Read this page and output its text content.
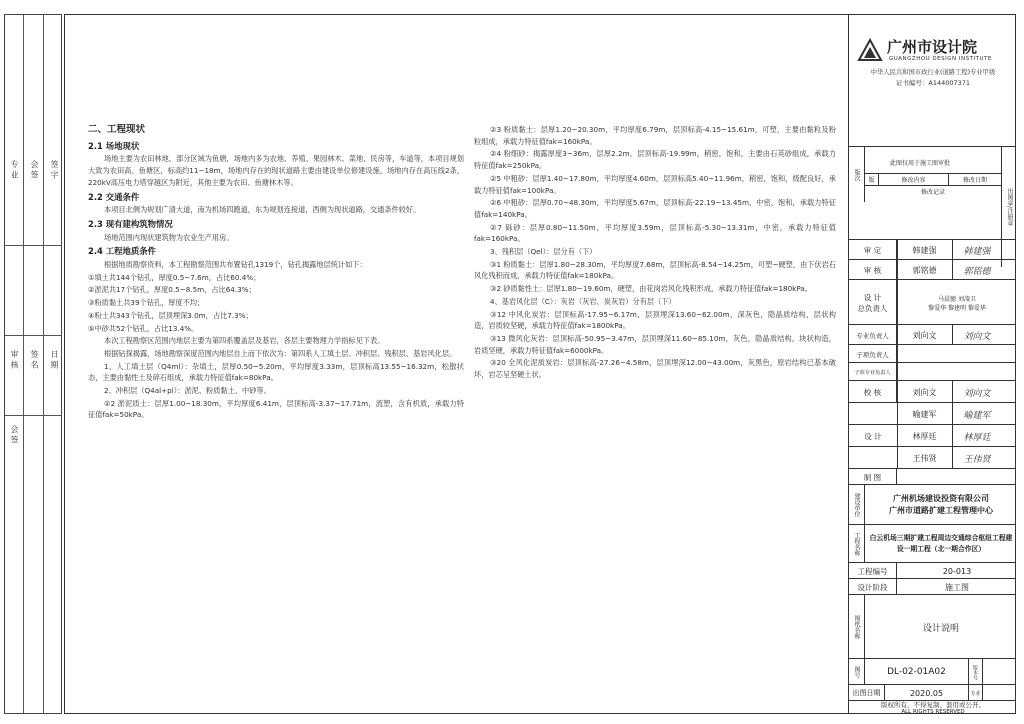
专 业 会 签 签 字
审 核 签 名 日 期
会 签
二、工程现状
2.1 场地现状

场地主要为农田林地、部分区域为鱼塘，场地内多为农地、养殖、果园林木、菜地、民房等，车道等，本项目规划大致为农田高、鱼塘区，标高约11~18m，场地内存在的现状道路主要由建设单位修建设施，场地内存在高压线2条，220kV高压电力塔穿越区为附近，其他主要为农田、鱼塘林木等。

2.2 交通条件

本项目北侧为规划广清大道，南为机场四跑道，东为规划连接道，西侧为现状道路，交通条件较好。

2.3 现有建构筑物情况

场地范围内现状建筑物为农业生产用房。

2.4 工程地质条件

根据地质勘察资料，本工程勘察范围共布置钻孔1319个，钻孔揭露地层统计如下：

①填土共144个钻孔，厚度0.5~7.6m，占比60.4%；

②淤泥共17个钻孔，厚度0.5~8.5m，占比64.3%；

③粉质黏土共39个钻孔，厚度不均；

④粉土共343个钻孔，层顶埋深3.0m，占比7.3%；

⑤中砂共52个钻孔，占比13.4%。

本次工程勘察区范围内地层主要为第四系覆盖层及基岩，各层主要物理力学指标见下表。

根据钻探揭露，场地勘察深度范围内地层自上而下依次为：第四系人工填土层、冲积层、残积层、基岩风化层。

1、人工填土层（Q4ml）：杂填土，层厚0.50~5.20m，平均厚度3.33m，层顶标高13.55~16.32m，松散状态，主要由黏性土及碎石组成，承载力特征值fak=80kPa。

2、冲积层（Q4al+pl）：淤泥、粉质黏土、中砂等。

②2 淤泥质土：层厚1.00~18.30m，平均厚度6.41m，层顶标高-3.37~17.71m，流塑，含有机质，承载力特征值fak=50kPa。

②3 粉质黏土：层厚1.20~20.30m，平均厚度6.79m，层顶标高-4.15~15.61m，可塑，主要由黏粒及粉粒组成，承载力特征值fak=160kPa。

②4 粉细砂：揭露厚度3~36m，层厚2.2m，层顶标高-19.99m，稍密，饱和，主要由石英砂组成，承载力特征值fak=250kPa。

②5 中粗砂：层厚1.40~17.80m，平均厚度4.60m，层顶标高5.40~11.96m，稍密，饱和，级配良好，承载力特征值fak=100kPa。

②6 中粗砂：层厚0.70~48.30m，平均厚度5.67m，层顶标高-22.19~13.45m，中密，饱和，承载力特征值fak=140kPa。

②7 砾砂：层厚0.80~11.50m，平均厚度3.59m，层顶标高-5.30~13.31m，中密，承载力特征值fak=160kPa。

3、残积层（Qel）：层分有（下）

③1 粉质黏土：层厚1.80~28.30m，平均厚度7.68m，层顶标高-8.54~14.25m，可塑~硬塑，由下伏岩石风化残积而成，承载力特征值fak=180kPa。

③2 砂质黏性土：层厚1.80~19.60m，硬塑，由花岗岩风化残积形成，承载力特征值fak=180kPa。

4、基岩风化层（C）：灰岩（灰岩、炭灰岩）分有层（下）

③12 中风化炭岩：层顶标高-17.95~6.17m，层顶埋深13.60~62.00m，深灰色，隐晶质结构，层状构造，岩质较坚硬，承载力特征值fak=1800kPa。

③13 微风化灰岩：层顶标高-50.95~3.47m，层顶埋深11.60~85.10m，灰色，隐晶质结构，块状构造，岩质坚硬，承载力特征值fak=6000kPa。

③20 全风化泥质炭岩：层顶标高-27.26~4.58m，层顶埋深12.00~43.00m，灰黑色，原岩结构已基本破坏，岩芯呈坚硬土状。

广州市设计院
GUANGZHOU DESIGN INSTITUTE
中华人民共和国市政行业(道路工程)专业甲级
证书编号：A144007371
版次
此图仅用于施工图审批
版	修改内容	修改日期
修改记录	出图章/注册章
审 定	韩建强	韩建强
审 核	郭铭德	郭铭德
设 计
总负责人
马晨骢 刘凌卫
黎爱华 黎建明 黎爱华
专业负责人	刘向文	刘向文
子项负责人
子项专业负责人
校 核	刘向文	刘向文
喻建军	喻建军
设 计	林厚廷	林厚廷
王伟贤	王伟贤
制 图
建设单位	广州机场建设投资有限公司
广州市道路扩建工程管理中心
工程名称	白云机场三期扩建工程周边交通综合枢纽工程建设一期工程（北一期合作区）
工程编号	20-013
设计阶段	施工图
图纸名称	设计说明
图号	DL-02-01A02	版本号
出图日期	2020.05	专业
版权所有，不得复制、套用或公开。
ALL RIGHTS RESERVED
